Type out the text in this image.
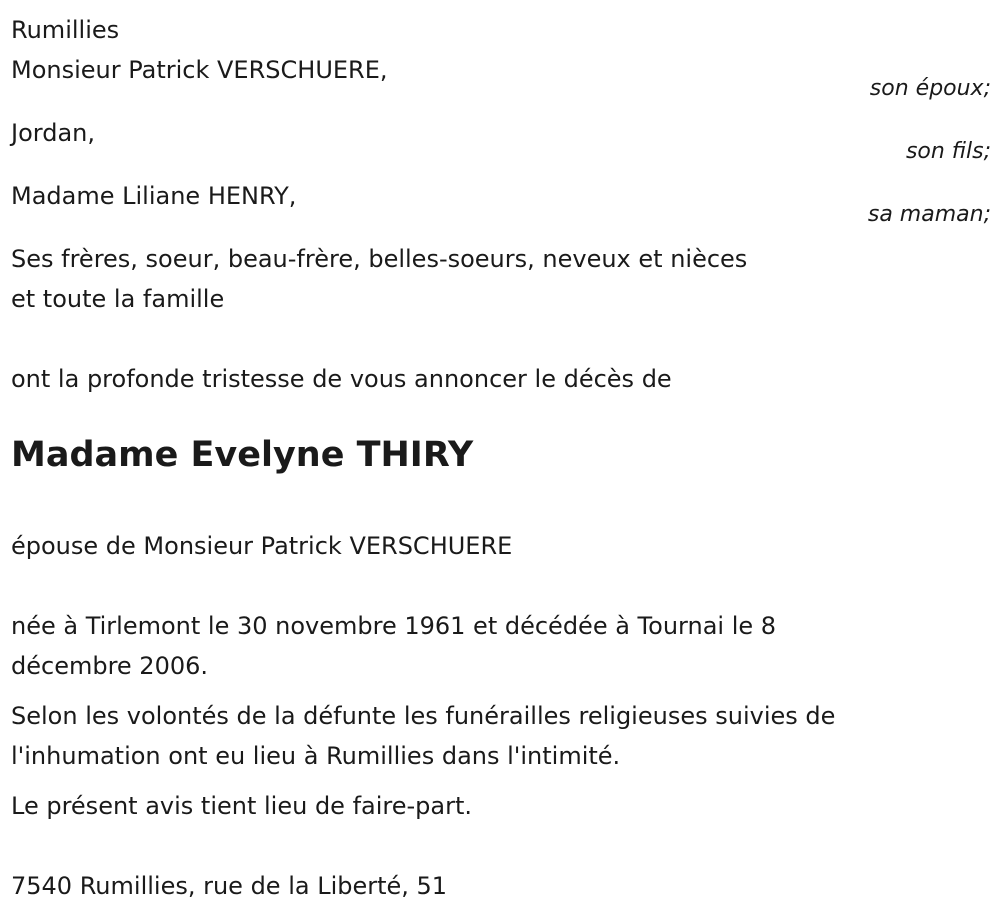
Rumillies
Monsieur Patrick VERSCHUERE,
son époux;
Jordan,
son fils;
Madame Liliane HENRY,
sa maman;
Ses frères, soeur, beau-frère, belles-soeurs, neveux et nièces
et toute la famille
ont la profonde tristesse de vous annoncer le décès de
Madame Evelyne THIRY
épouse de Monsieur Patrick VERSCHUERE
née à Tirlemont le 30 novembre 1961 et décédée à Tournai le 8
décembre 2006.
Selon les volontés de la défunte les funérailles religieuses suivies de
l'inhumation ont eu lieu à Rumillies dans l'intimité.
Le présent avis tient lieu de faire-part.
7540 Rumillies, rue de la Liberté, 51
